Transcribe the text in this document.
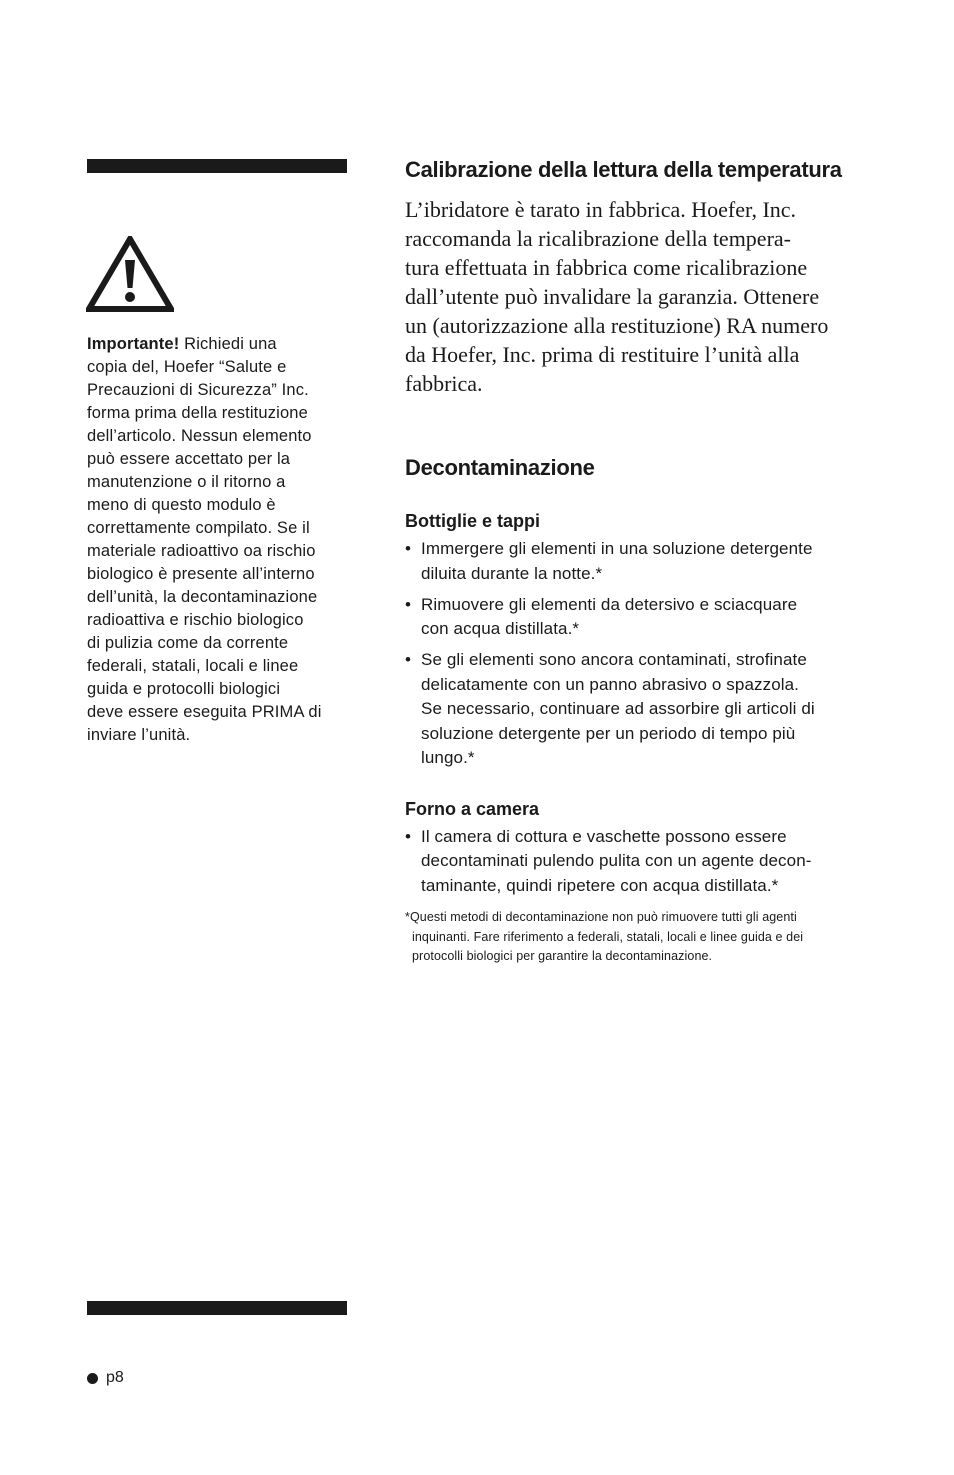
Importante! Richiedi una
copia del, Hoefer “Salute e
Precauzioni di Sicurezza” Inc.
forma prima della restituzione
dell’articolo. Nessun elemento
può essere accettato per la
manutenzione o il ritorno a
meno di questo modulo è
correttamente compilato. Se il
materiale radioattivo oa rischio
biologico è presente all’interno
dell’unità, la decontaminazione
radioattiva e rischio biologico
di pulizia come da corrente
federali, statali, locali e linee
guida e protocolli biologici
deve essere eseguita PRIMA di
inviare l’unità.

Calibrazione della lettura della temperatura

L’ibridatore è tarato in fabbrica. Hoefer, Inc.
raccomanda la ricalibrazione della tempera-
tura effettuata in fabbrica come ricalibrazione
dall’utente può invalidare la garanzia. Ottenere
un (autorizzazione alla restituzione) RA numero
da Hoefer, Inc. prima di restituire l’unità alla
fabbrica.

Decontaminazione
Bottiglie e tappi
• Immergere gli elementi in una soluzione detergente
diluita durante la notte.*
• Rimuovere gli elementi da detersivo e sciacquare
con acqua distillata.*
• Se gli elementi sono ancora contaminati, strofinate
delicatamente con un panno abrasivo o spazzola.
Se necessario, continuare ad assorbire gli articoli di
soluzione detergente per un periodo di tempo più
lungo.*
Forno a camera
• Il camera di cottura e vaschette possono essere
decontaminati pulendo pulita con un agente decon-
taminante, quindi ripetere con acqua distillata.*
*Questi metodi di decontaminazione non può rimuovere tutti gli agenti
inquinanti. Fare riferimento a federali, statali, locali e linee guida e dei
protocolli biologici per garantire la decontaminazione.
p8
